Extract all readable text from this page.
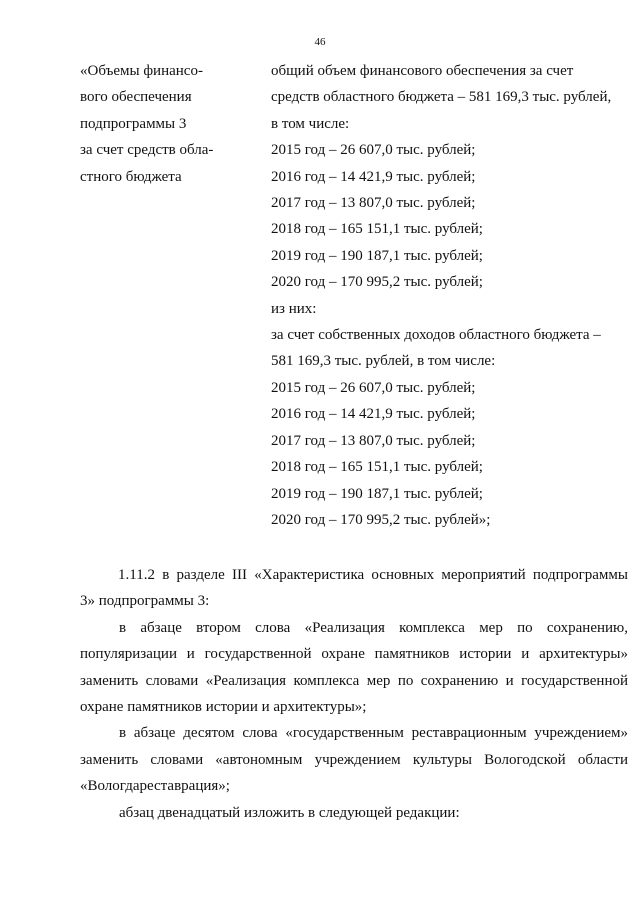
46
«Объемы финансо-
вого обеспечения
подпрограммы 3
за счет средств обла-
стного бюджета
общий объем финансового обеспечения за счет
средств областного бюджета – 581 169,3 тыс. рублей,
в том числе:
2015 год – 26 607,0 тыс. рублей;
2016 год – 14 421,9 тыс. рублей;
2017 год – 13 807,0 тыс. рублей;
2018 год – 165 151,1 тыс. рублей;
2019 год – 190 187,1 тыс. рублей;
2020 год – 170 995,2 тыс. рублей;
из них:
за счет собственных доходов областного бюджета –
581 169,3 тыс. рублей, в том числе:
2015 год – 26 607,0 тыс. рублей;
2016 год – 14 421,9 тыс. рублей;
2017 год – 13 807,0 тыс. рублей;
2018 год – 165 151,1 тыс. рублей;
2019 год – 190 187,1 тыс. рублей;
2020 год – 170 995,2 тыс. рублей»;
1.11.2 в разделе III «Характеристика основных мероприятий подпрограммы
3» подпрограммы 3:
в абзаце втором слова «Реализация комплекса мер по сохранению,
популяризации и государственной охране памятников истории и архитектуры»
заменить словами «Реализация комплекса мер по сохранению и государственной
охране памятников истории и архитектуры»;
в абзаце десятом слова «государственным реставрационным учреждением»
заменить словами «автономным учреждением культуры Вологодской области
«Вологдареставрация»;
абзац двенадцатый изложить в следующей редакции:
